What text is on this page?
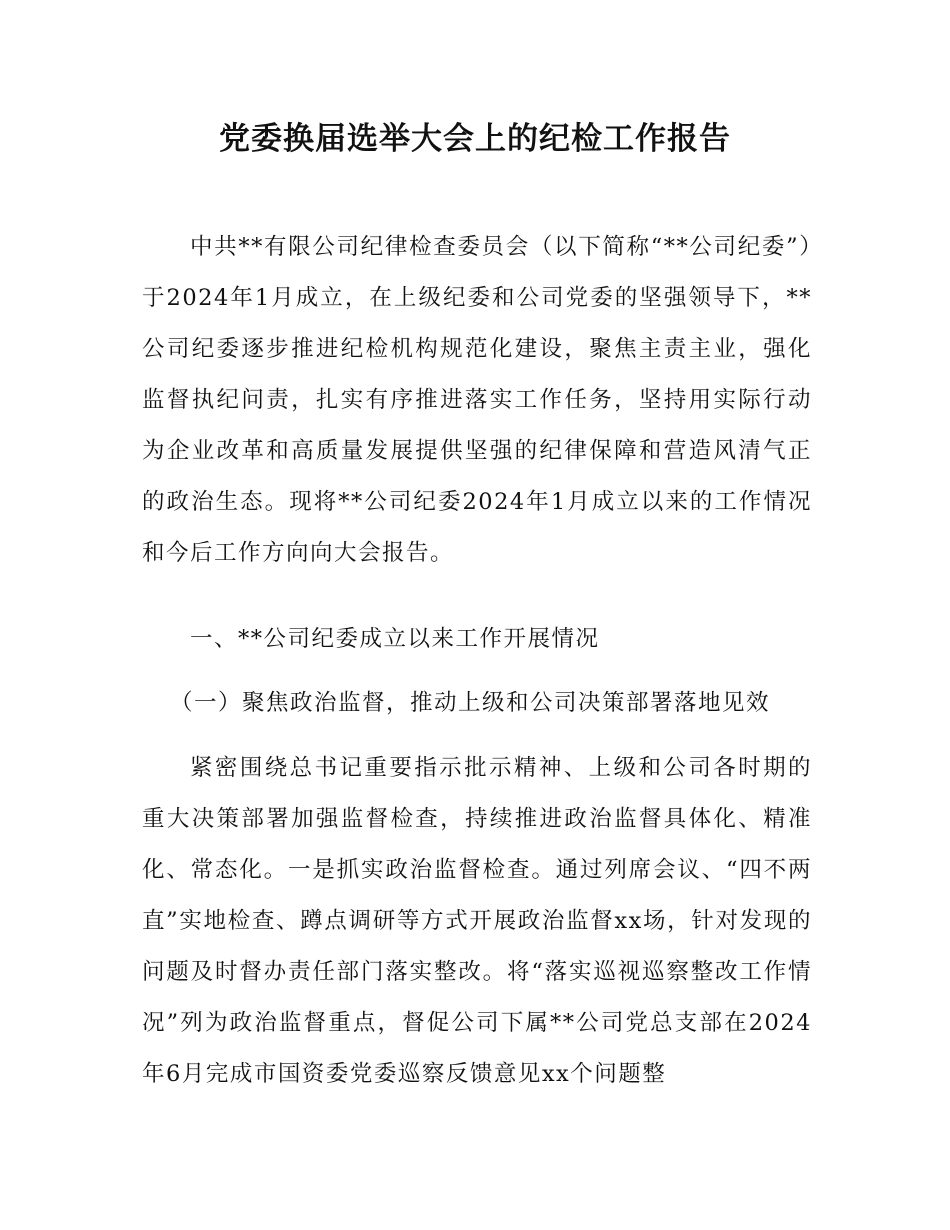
党委换届选举大会上的纪检工作报告
中共**有限公司纪律检查委员会（以下简称“**公司纪委”）于2024年1月成立，在上级纪委和公司党委的坚强领导下，**公司纪委逐步推进纪检机构规范化建设，聚焦主责主业，强化监督执纪问责，扎实有序推进落实工作任务，坚持用实际行动为企业改革和高质量发展提供坚强的纪律保障和营造风清气正的政治生态。现将**公司纪委2024年1月成立以来的工作情况和今后工作方向向大会报告。
一、**公司纪委成立以来工作开展情况
（一）聚焦政治监督，推动上级和公司决策部署落地见效
紧密围绕总书记重要指示批示精神、上级和公司各时期的重大决策部署加强监督检查，持续推进政治监督具体化、精准化、常态化。一是抓实政治监督检查。通过列席会议、“四不两直”实地检查、蹲点调研等方式开展政治监督xx场，针对发现的问题及时督办责任部门落实整改。将“落实巡视巡察整改工作情况”列为政治监督重点，督促公司下属**公司党总支部在2024年6月完成市国资委党委巡察反馈意见xx个问题整
